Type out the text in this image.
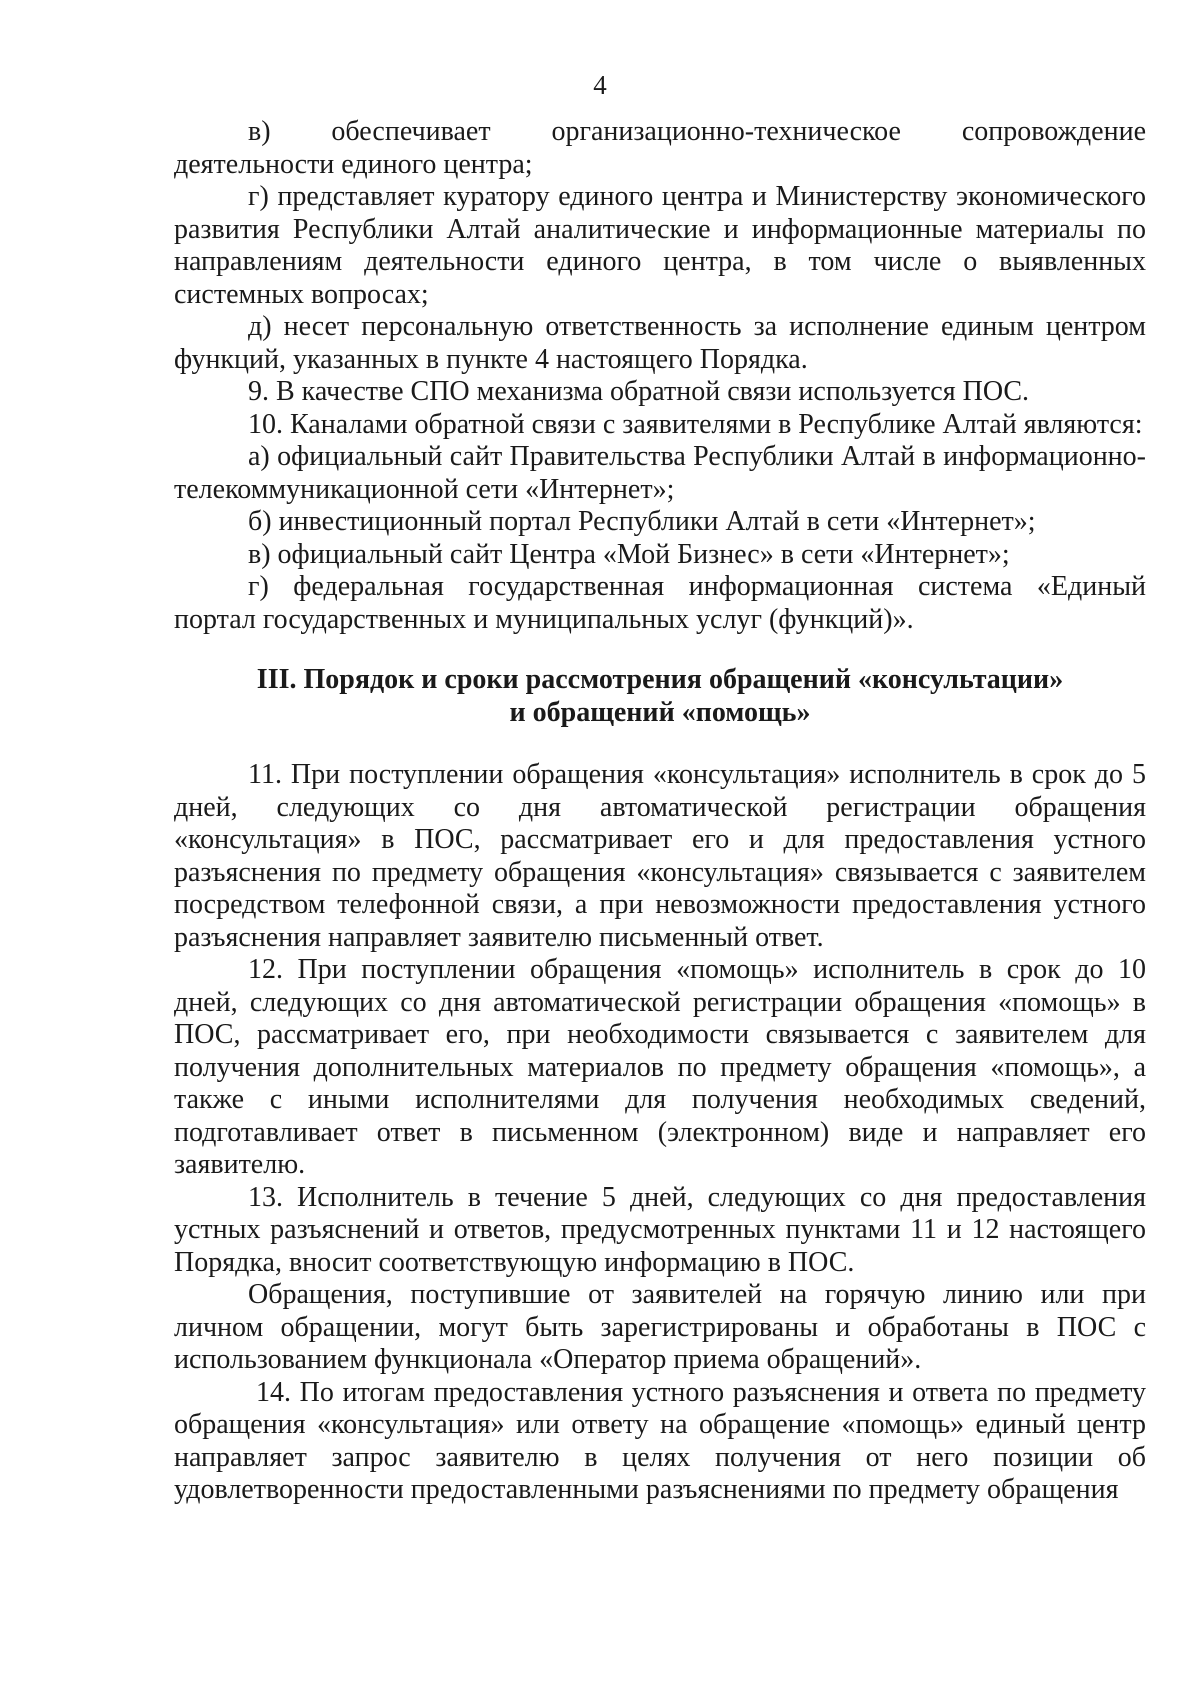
4

в) обеспечивает организационно-техническое сопровождение деятельности единого центра;

г) представляет куратору единого центра и Министерству экономического развития Республики Алтай аналитические и информационные материалы по направлениям деятельности единого центра, в том числе о выявленных системных вопросах;

д) несет персональную ответственность за исполнение единым центром функций, указанных в пункте 4 настоящего Порядка.

9. В качестве СПО механизма обратной связи используется ПОС.

10. Каналами обратной связи с заявителями в Республике Алтай являются:

а) официальный сайт Правительства Республики Алтай в информационно-телекоммуникационной сети «Интернет»;

б) инвестиционный портал Республики Алтай в сети «Интернет»;

в) официальный сайт Центра «Мой Бизнес» в сети «Интернет»;

г) федеральная государственная информационная система «Единый портал государственных и муниципальных услуг (функций)».

III. Порядок и сроки рассмотрения обращений «консультации»
и обращений «помощь»

11. При поступлении обращения «консультация» исполнитель в срок до 5 дней, следующих со дня автоматической регистрации обращения «консультация» в ПОС, рассматривает его и для предоставления устного разъяснения по предмету обращения «консультация» связывается с заявителем посредством телефонной связи, а при невозможности предоставления устного разъяснения направляет заявителю письменный ответ.

12. При поступлении обращения «помощь» исполнитель в срок до 10 дней, следующих со дня автоматической регистрации обращения «помощь» в ПОС, рассматривает его, при необходимости связывается с заявителем для получения дополнительных материалов по предмету обращения «помощь», а также с иными исполнителями для получения необходимых сведений, подготавливает ответ в письменном (электронном) виде и направляет его заявителю.

13. Исполнитель в течение 5 дней, следующих со дня предоставления устных разъяснений и ответов, предусмотренных пунктами 11 и 12 настоящего Порядка, вносит соответствующую информацию в ПОС.

Обращения, поступившие от заявителей на горячую линию или при личном обращении, могут быть зарегистрированы и обработаны в ПОС с использованием функционала «Оператор приема обращений».

14. По итогам предоставления устного разъяснения и ответа по предмету обращения «консультация» или ответу на обращение «помощь» единый центр направляет запрос заявителю в целях получения от него позиции об удовлетворенности предоставленными разъяснениями по предмету обращения
